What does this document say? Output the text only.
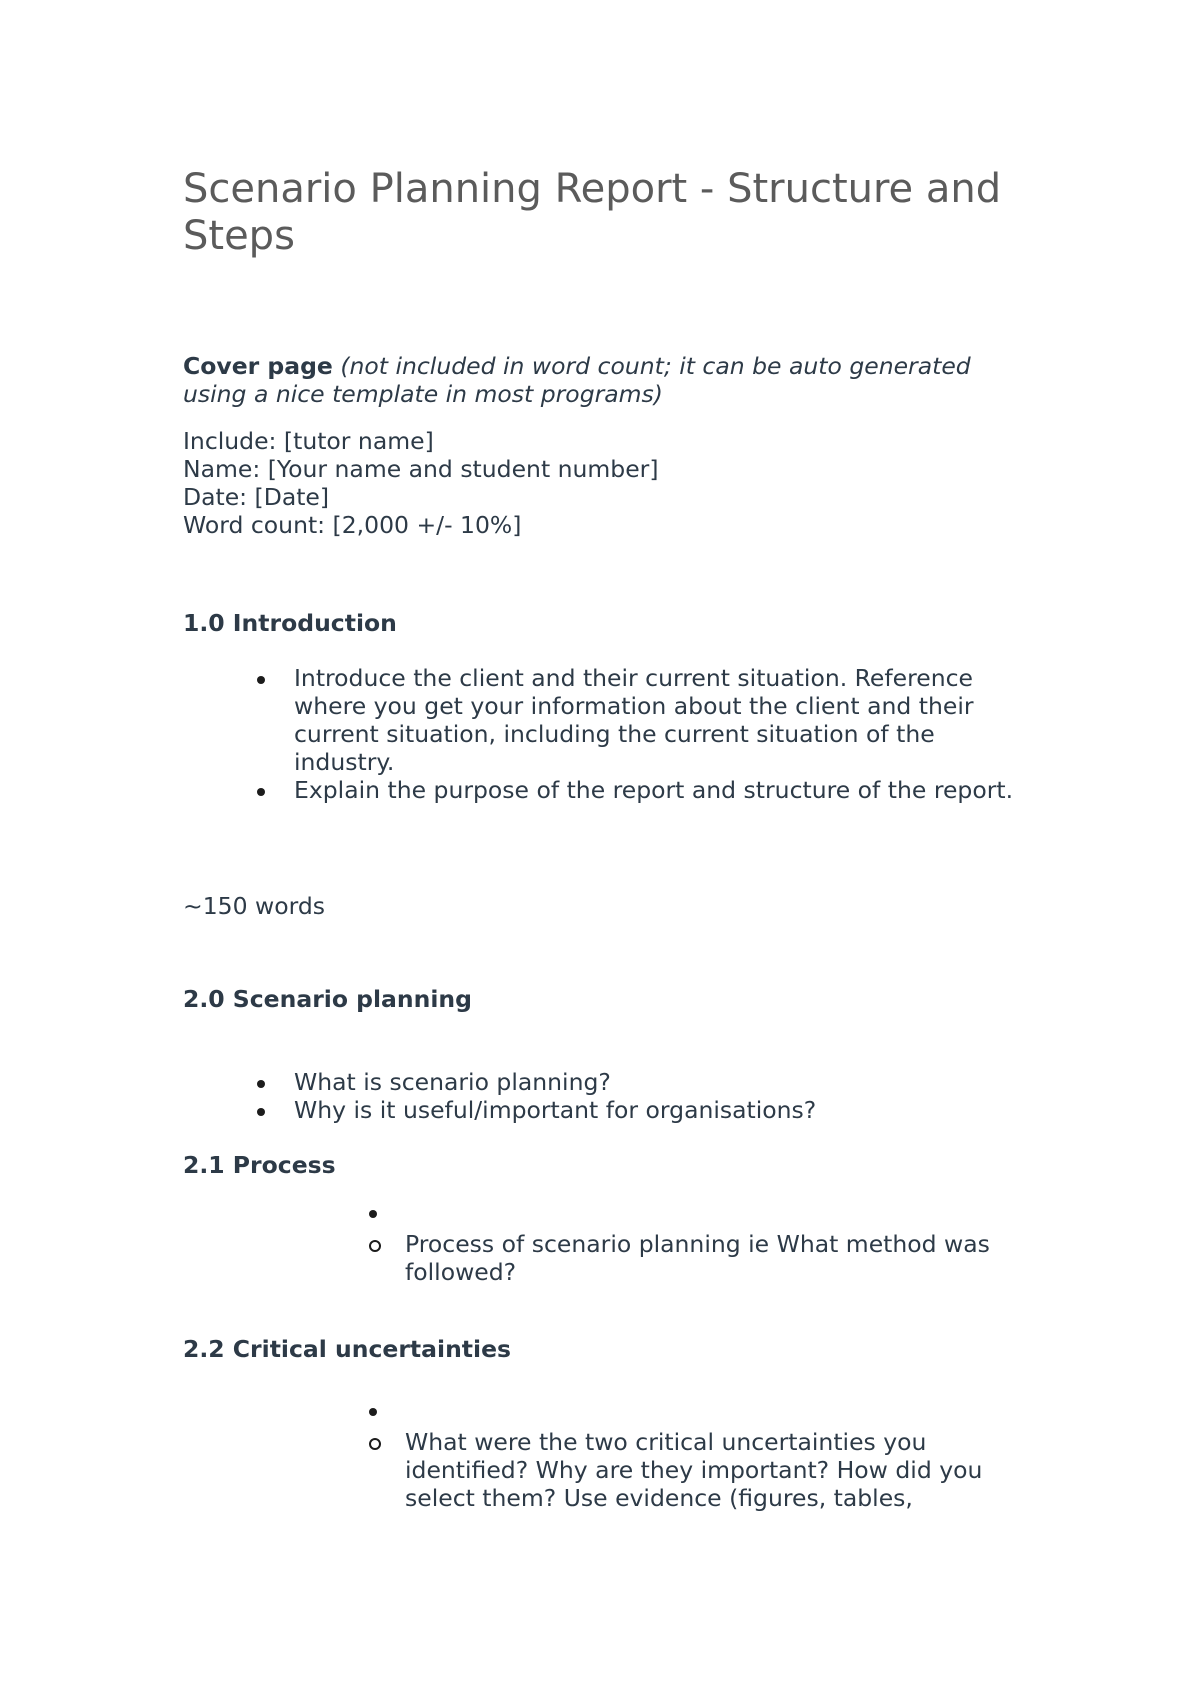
Scenario Planning Report - Structure and Steps

Cover page (not included in word count; it can be auto generated using a nice template in most programs)

Include: [tutor name]
Name: [Your name and student number]
Date: [Date]
Word count: [2,000 +/- 10%]
1.0 Introduction
Introduce the client and their current situation. Reference where you get your information about the client and their current situation, including the current situation of the industry.
Explain the purpose of the report and structure of the report.

~150 words

2.0 Scenario planning
What is scenario planning?
Why is it useful/important for organisations?
2.1 Process
Process of scenario planning ie What method was followed?
2.2 Critical uncertainties
What were the two critical uncertainties you identified? Why are they important? How did you select them? Use evidence (figures, tables,
